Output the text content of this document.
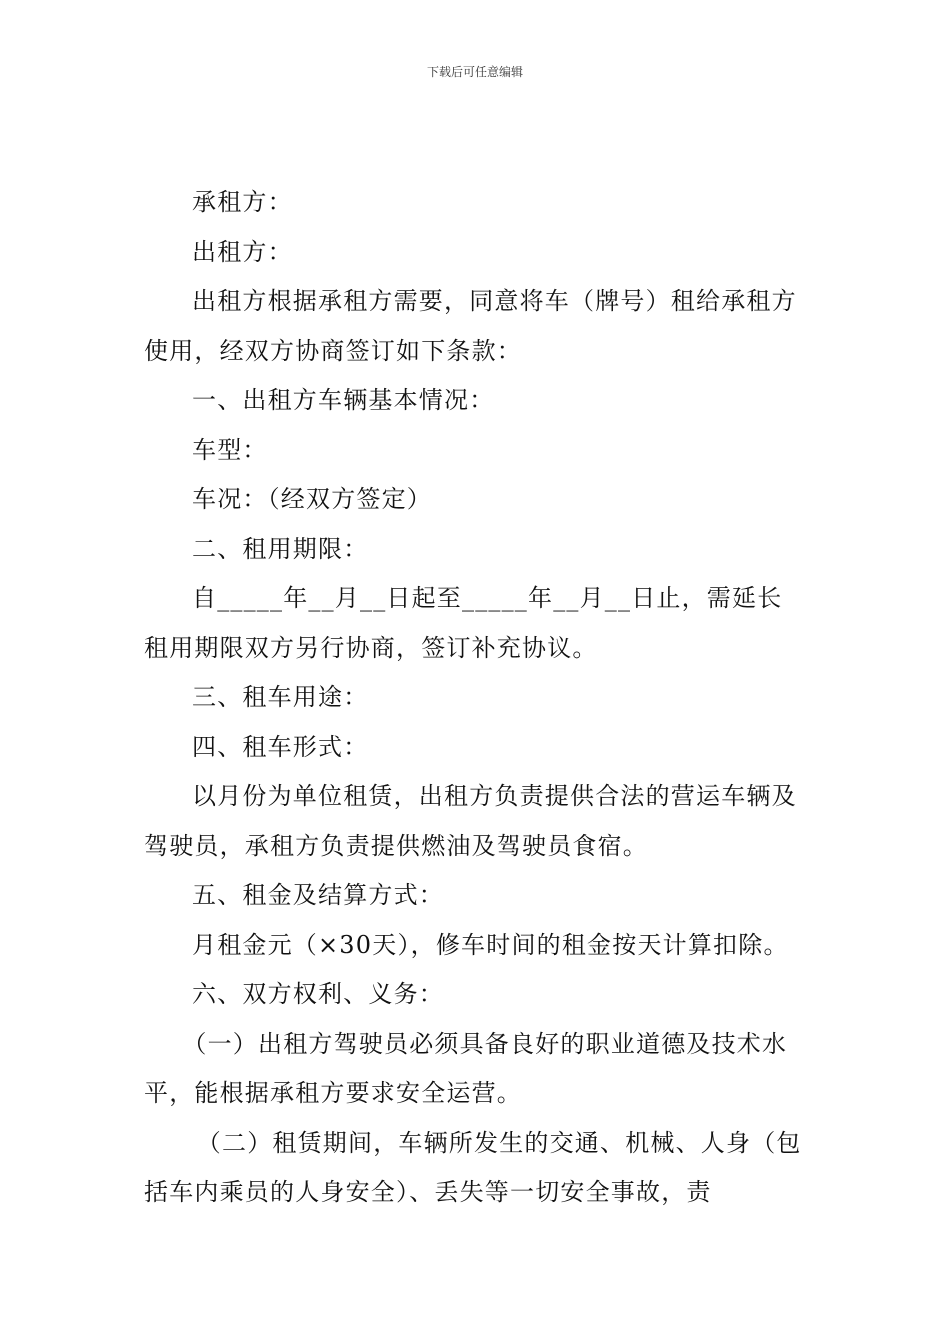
下载后可任意编辑

承租方：

出租方：

出租方根据承租方需要，同意将车（牌号）租给承租方使用，经双方协商签订如下条款：

一、出租方车辆基本情况：

车型：

车况：（经双方签定）

二、租用期限：

自_____年__月__日起至_____年__月__日止，需延长租用期限双方另行协商，签订补充协议。

三、租车用途：

四、租车形式：

以月份为单位租赁，出租方负责提供合法的营运车辆及驾驶员，承租方负责提供燃油及驾驶员食宿。

五、租金及结算方式：

月租金元（×30天），修车时间的租金按天计算扣除。

六、双方权利、义务：

（一）出租方驾驶员必须具备良好的职业道德及技术水平，能根据承租方要求安全运营。

（二）租赁期间，车辆所发生的交通、机械、人身（包括车内乘员的人身安全）、丢失等一切安全事故，责
